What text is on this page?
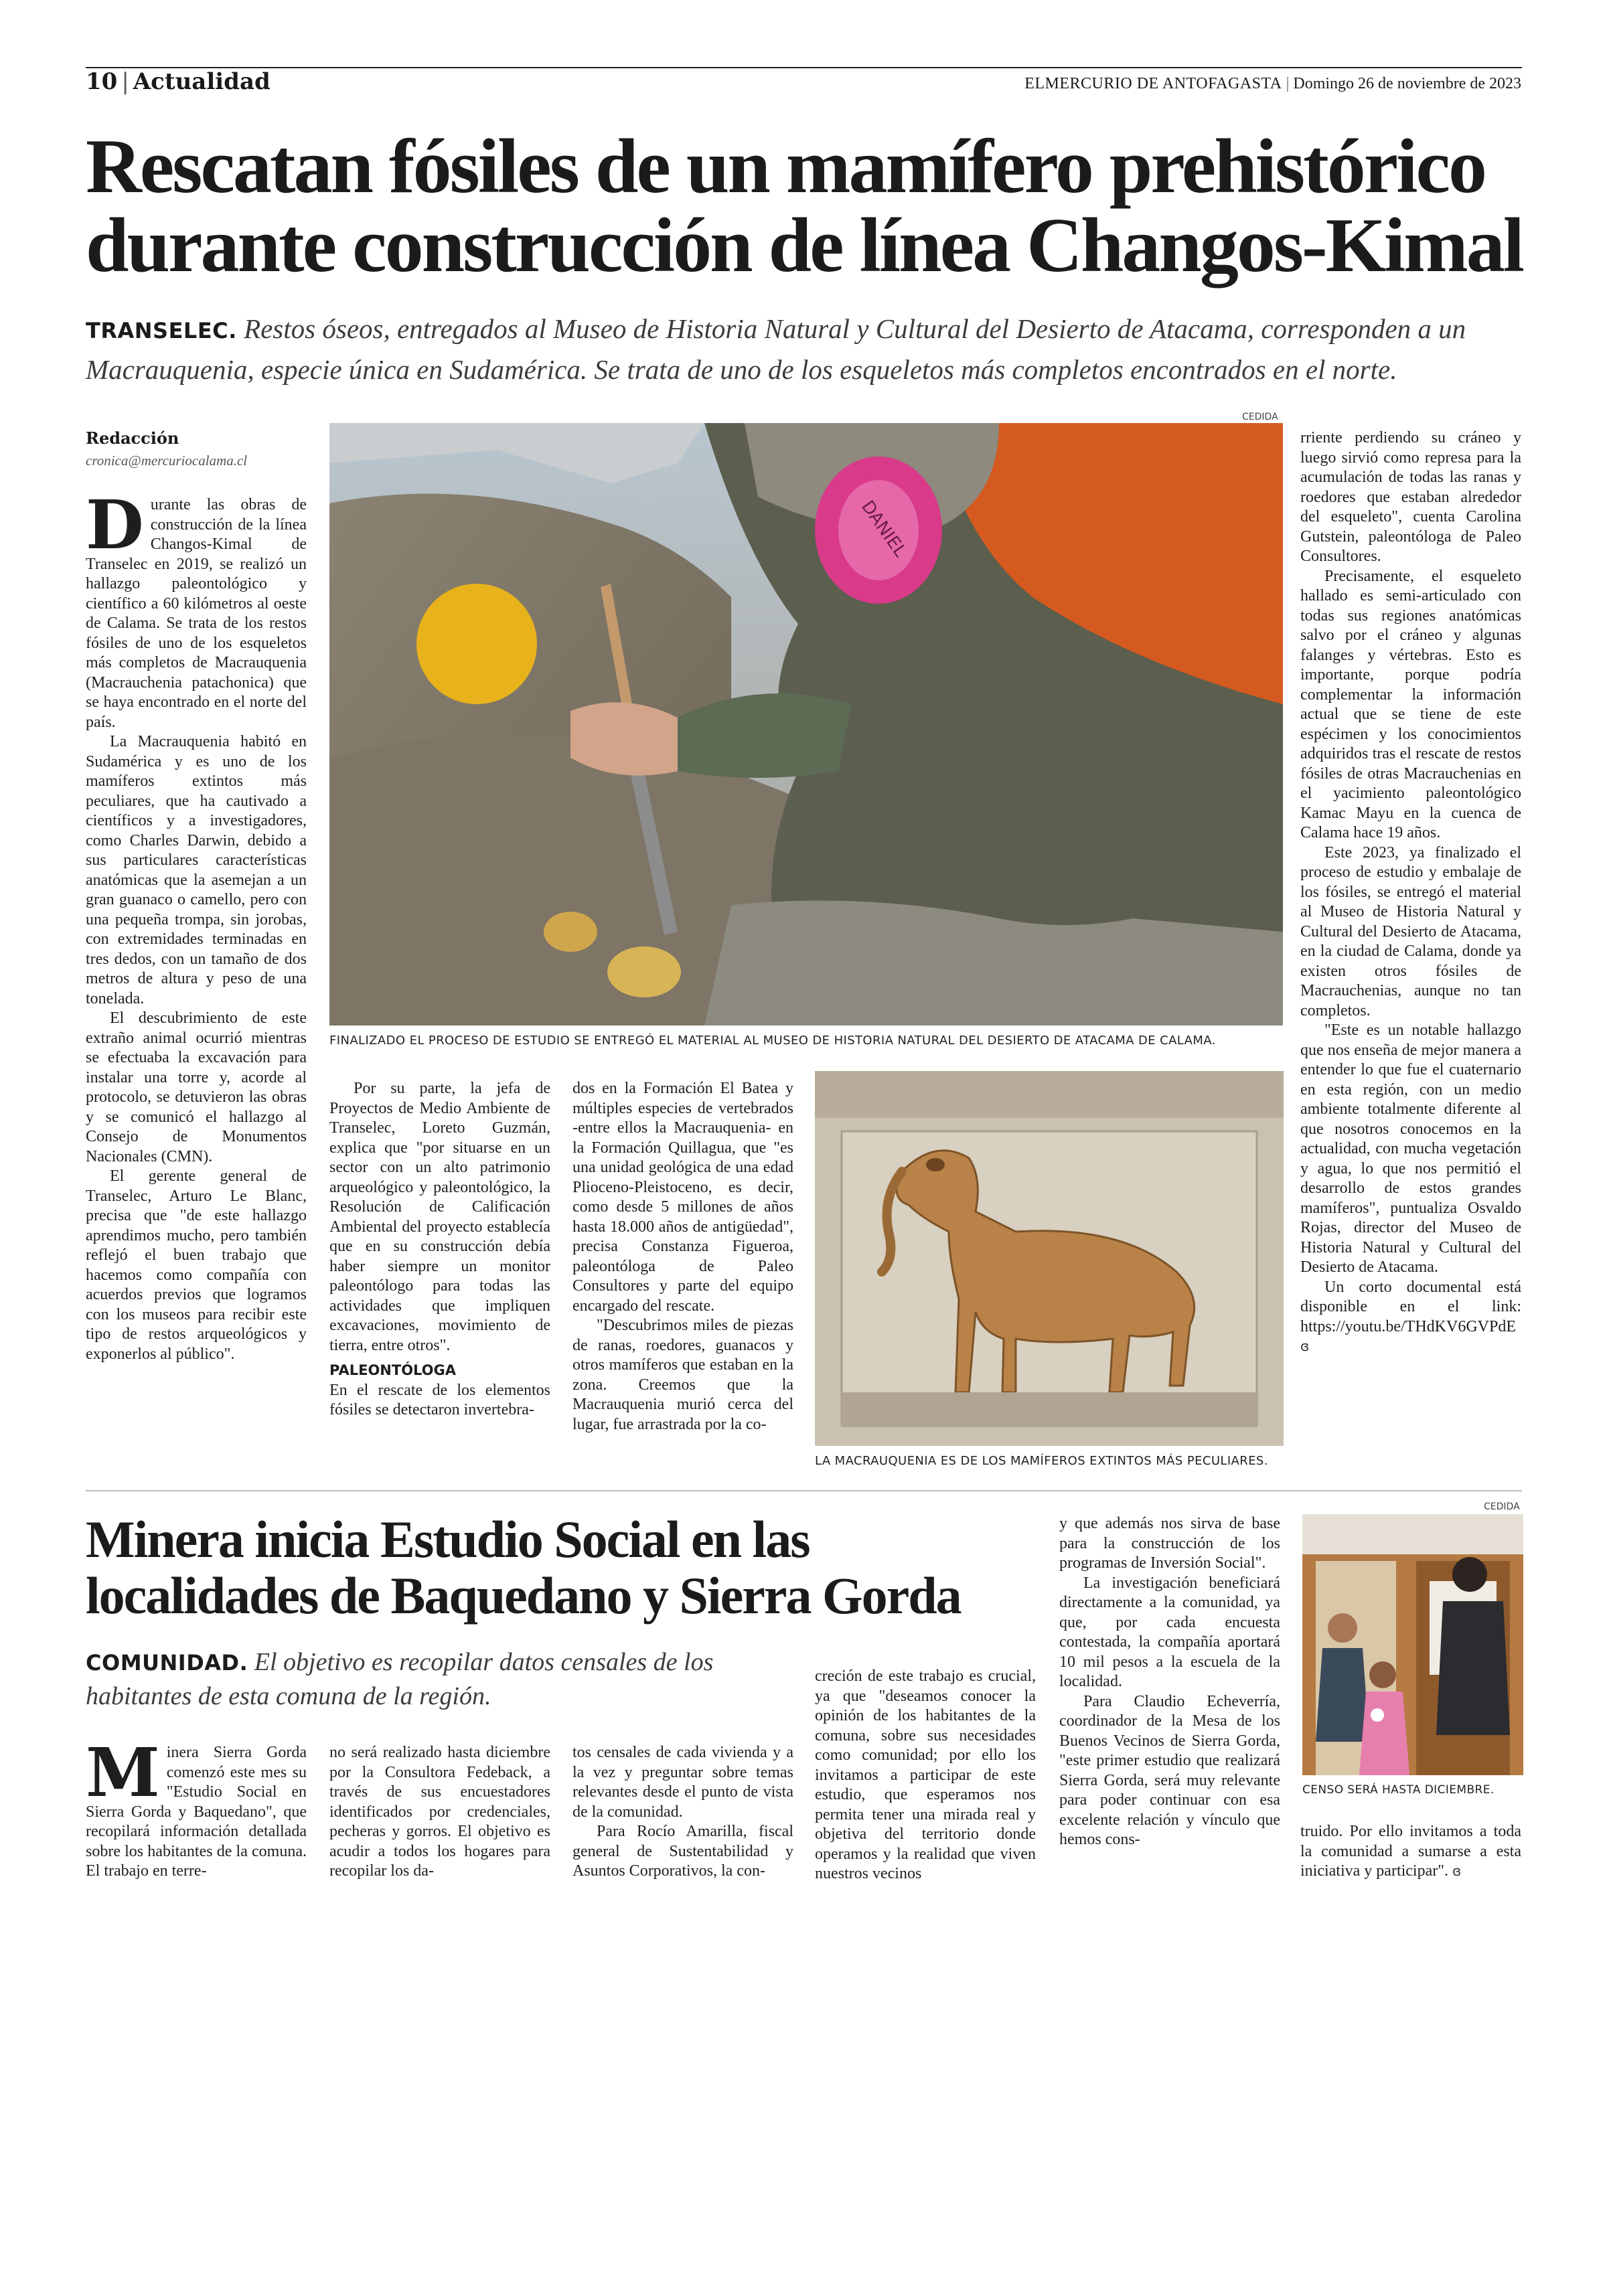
10 | Actualidad	ELMERCURIO DE ANTOFAGASTA | Domingo 26 de noviembre de 2023
Rescatan fósiles de un mamífero prehistórico
durante construcción de línea Changos-Kimal
TRANSELEC. Restos óseos, entregados al Museo de Historia Natural y Cultural del Desierto de Atacama, corresponden a un Macrauquenia, especie única en Sudamérica. Se trata de uno de los esqueletos más completos encontrados en el norte.
Redacción
cronica@mercuriocalama.cl

Durante las obras de construcción de la línea Changos-Kimal de Transelec en 2019, se realizó un hallazgo paleontológico y científico a 60 kilómetros al oeste de Calama. Se trata de los restos fósiles de uno de los esqueletos más completos de Macrauquenia (Macrauchenia patachonica) que se haya encontrado en el norte del país.

La Macrauquenia habitó en Sudamérica y es uno de los mamíferos extintos más peculiares, que ha cautivado a científicos y a investigadores, como Charles Darwin, debido a sus particulares características anatómicas que la asemejan a un gran guanaco o camello, pero con una pequeña trompa, sin jorobas, con extremidades terminadas en tres dedos, con un tamaño de dos metros de altura y peso de una tonelada.

El descubrimiento de este extraño animal ocurrió mientras se efectuaba la excavación para instalar una torre y, acorde al protocolo, se detuvieron las obras y se comunicó el hallazgo al Consejo de Monumentos Nacionales (CMN).

El gerente general de Transelec, Arturo Le Blanc, precisa que "de este hallazgo aprendimos mucho, pero también reflejó el buen trabajo que hacemos como compañía con acuerdos previos que logramos con los museos para recibir este tipo de restos arqueológicos y exponerlos al público".

CEDIDA
DANIEL
FINALIZADO EL PROCESO DE ESTUDIO SE ENTREGÓ EL MATERIAL AL MUSEO DE HISTORIA NATURAL DEL DESIERTO DE ATACAMA DE CALAMA.

Por su parte, la jefa de Proyectos de Medio Ambiente de Transelec, Loreto Guzmán, explica que "por situarse en un sector con un alto patrimonio arqueológico y paleontológico, la Resolución de Calificación Ambiental del proyecto establecía que en su construcción debía haber siempre un monitor paleontólogo para todas las actividades que impliquen excavaciones, movimiento de tierra, entre otros".

PALEONTÓLOGA

En el rescate de los elementos fósiles se detectaron invertebra-

dos en la Formación El Batea y múltiples especies de vertebrados -entre ellos la Macrauquenia- en la Formación Quillagua, que "es una unidad geológica de una edad Plioceno-Pleistoceno, es decir, como desde 5 millones de años hasta 18.000 años de antigüedad", precisa Constanza Figueroa, paleontóloga de Paleo Consultores y parte del equipo encargado del rescate.

"Descubrimos miles de piezas de ranas, roedores, guanacos y otros mamíferos que estaban en la zona. Creemos que la Macrauquenia murió cerca del lugar, fue arrastrada por la co-

LA MACRAUQUENIA ES DE LOS MAMÍFEROS EXTINTOS MÁS PECULIARES.

rriente perdiendo su cráneo y luego sirvió como represa para la acumulación de todas las ranas y roedores que estaban alrededor del esqueleto", cuenta Carolina Gutstein, paleontóloga de Paleo Consultores.

Precisamente, el esqueleto hallado es semi-articulado con todas sus regiones anatómicas salvo por el cráneo y algunas falanges y vértebras. Esto es importante, porque podría complementar la información actual que se tiene de este espécimen y los conocimientos adquiridos tras el rescate de restos fósiles de otras Macrauchenias en el yacimiento paleontológico Kamac Mayu en la cuenca de Calama hace 19 años.

Este 2023, ya finalizado el proceso de estudio y embalaje de los fósiles, se entregó el material al Museo de Historia Natural y Cultural del Desierto de Atacama, en la ciudad de Calama, donde ya existen otros fósiles de Macrauchenias, aunque no tan completos.

"Este es un notable hallazgo que nos enseña de mejor manera a entender lo que fue el cuaternario en esta región, con un medio ambiente totalmente diferente al que nosotros conocemos en la actualidad, con mucha vegetación y agua, lo que nos permitió el desarrollo de estos grandes mamíferos", puntualiza Osvaldo Rojas, director del Museo de Historia Natural y Cultural del Desierto de Atacama.

Un corto documental está disponible en el link: https://youtu.be/THdKV6GVPdE ɞ

Minera inicia Estudio Social en las
localidades de Baquedano y Sierra Gorda
COMUNIDAD. El objetivo es recopilar datos censales de los habitantes de esta comuna de la región.

Minera Sierra Gorda comenzó este mes su "Estudio Social en Sierra Gorda y Baquedano", que recopilará información detallada sobre los habitantes de la comuna. El trabajo en terre-

no será realizado hasta diciembre por la Consultora Fedeback, a través de sus encuestadores identificados por credenciales, pecheras y gorros. El objetivo es acudir a todos los hogares para recopilar los da-

tos censales de cada vivienda y a la vez y preguntar sobre temas relevantes desde el punto de vista de la comunidad.

Para Rocío Amarilla, fiscal general de Sustentabilidad y Asuntos Corporativos, la con-

creción de este trabajo es crucial, ya que "deseamos conocer la opinión de los habitantes de la comuna, sobre sus necesidades como comunidad; por ello los invitamos a participar de este estudio, que esperamos nos permita tener una mirada real y objetiva del territorio donde operamos y la realidad que viven nuestros vecinos

y que además nos sirva de base para la construcción de los programas de Inversión Social".

La investigación beneficiará directamente a la comunidad, ya que, por cada encuesta contestada, la compañía aportará 10 mil pesos a la escuela de la localidad.

Para Claudio Echeverría, coordinador de la Mesa de los Buenos Vecinos de Sierra Gorda, "este primer estudio que realizará Sierra Gorda, será muy relevante para poder continuar con esa excelente relación y vínculo que hemos cons-

CEDIDA
CENSO SERÁ HASTA DICIEMBRE.

truido. Por ello invitamos a toda la comunidad a sumarse a esta iniciativa y participar". ɞ
